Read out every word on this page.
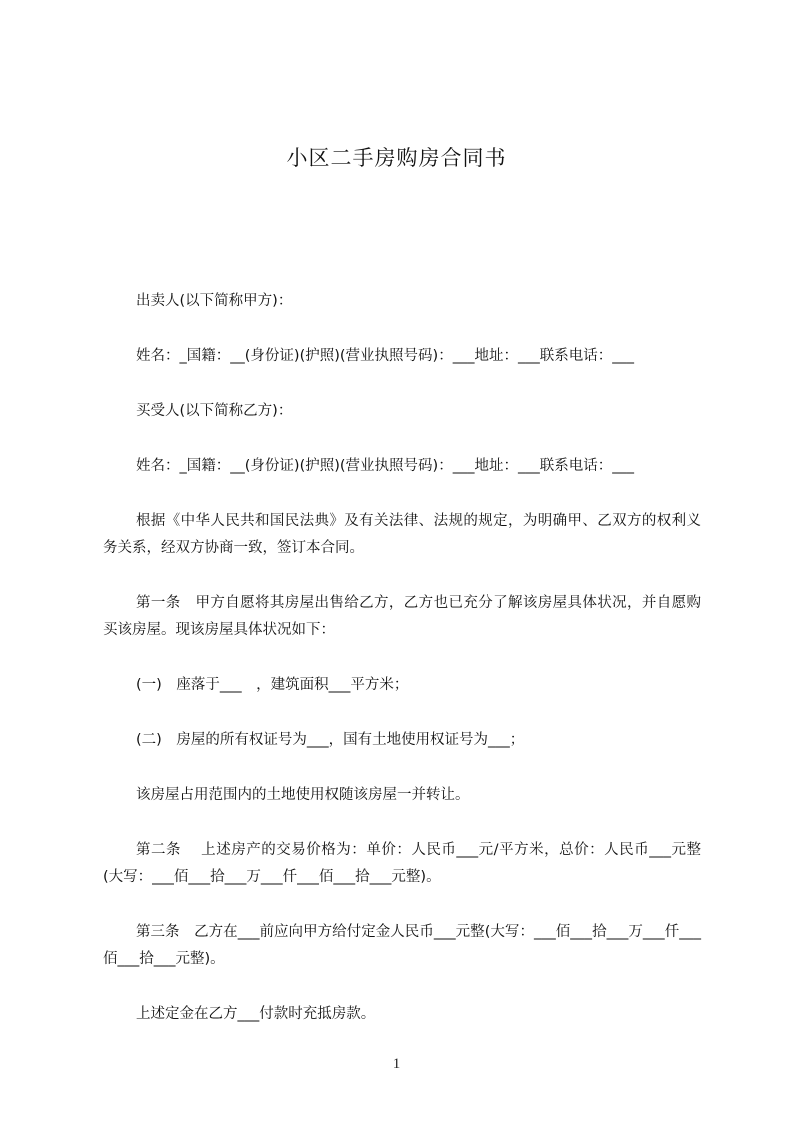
小区二手房购房合同书

出卖人(以下简称甲方)：

姓名：_国籍：__(身份证)(护照)(营业执照号码)：___地址：___联系电话：___

买受人(以下简称乙方)：

姓名：_国籍：__(身份证)(护照)(营业执照号码)：___地址：___联系电话：___

根据《中华人民共和国民法典》及有关法律、法规的规定，为明确甲、乙双方的权利义务关系，经双方协商一致，签订本合同。

第一条　甲方自愿将其房屋出售给乙方，乙方也已充分了解该房屋具体状况，并自愿购买该房屋。现该房屋具体状况如下：

(一)　座落于___　，建筑面积___平方米；

(二)　房屋的所有权证号为___，国有土地使用权证号为___；

该房屋占用范围内的土地使用权随该房屋一并转让。

第二条　 上述房产的交易价格为：单价：人民币___元/平方米，总价：人民币___元整(大写：___佰___拾___万___仟___佰___拾___元整)。

第三条　乙方在___前应向甲方给付定金人民币___元整(大写：___佰___拾___万___仟___佰___拾___元整)。

上述定金在乙方___付款时充抵房款。

1
